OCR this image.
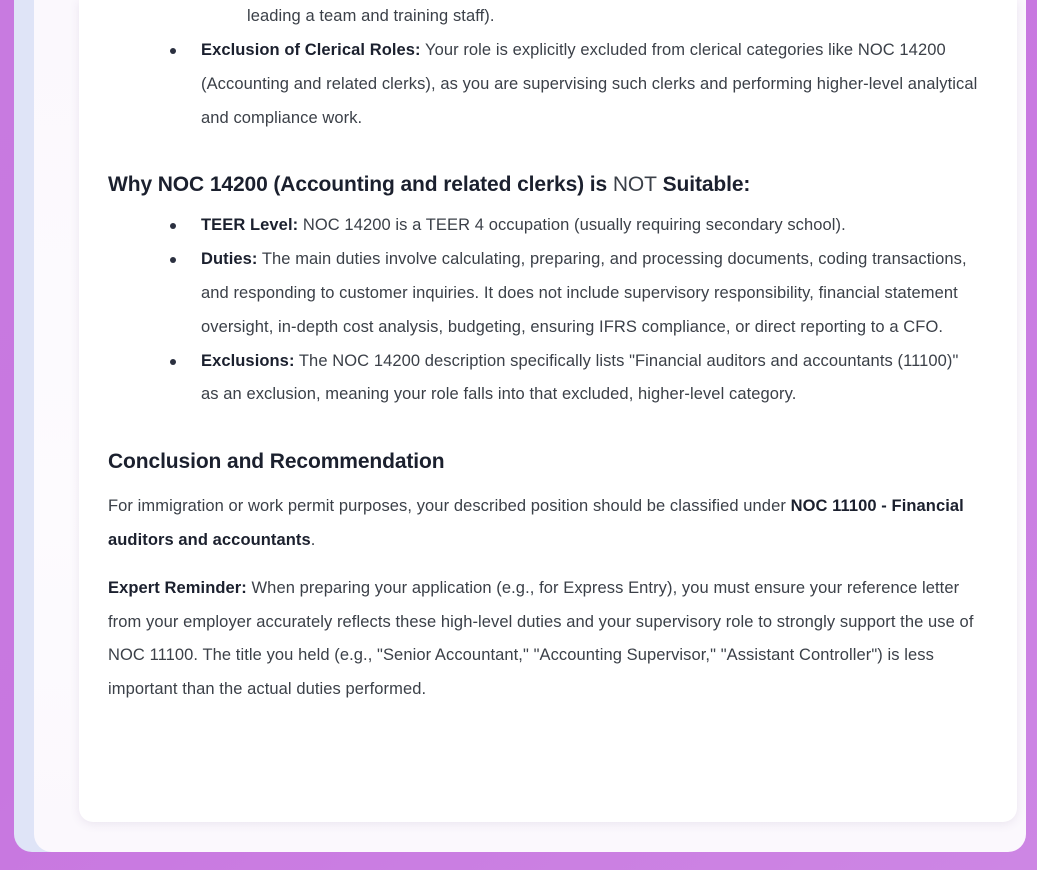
leading a team and training staff).
Exclusion of Clerical Roles: Your role is explicitly excluded from clerical categories like NOC 14200 (Accounting and related clerks), as you are supervising such clerks and performing higher-level analytical and compliance work.
Why NOC 14200 (Accounting and related clerks) is NOT Suitable:
TEER Level: NOC 14200 is a TEER 4 occupation (usually requiring secondary school).
Duties: The main duties involve calculating, preparing, and processing documents, coding transactions, and responding to customer inquiries. It does not include supervisory responsibility, financial statement oversight, in-depth cost analysis, budgeting, ensuring IFRS compliance, or direct reporting to a CFO.
Exclusions: The NOC 14200 description specifically lists "Financial auditors and accountants (11100)" as an exclusion, meaning your role falls into that excluded, higher-level category.
Conclusion and Recommendation

For immigration or work permit purposes, your described position should be classified under NOC 11100 - Financial auditors and accountants.

Expert Reminder: When preparing your application (e.g., for Express Entry), you must ensure your reference letter from your employer accurately reflects these high-level duties and your supervisory role to strongly support the use of NOC 11100. The title you held (e.g., "Senior Accountant," "Accounting Supervisor," "Assistant Controller") is less important than the actual duties performed.
